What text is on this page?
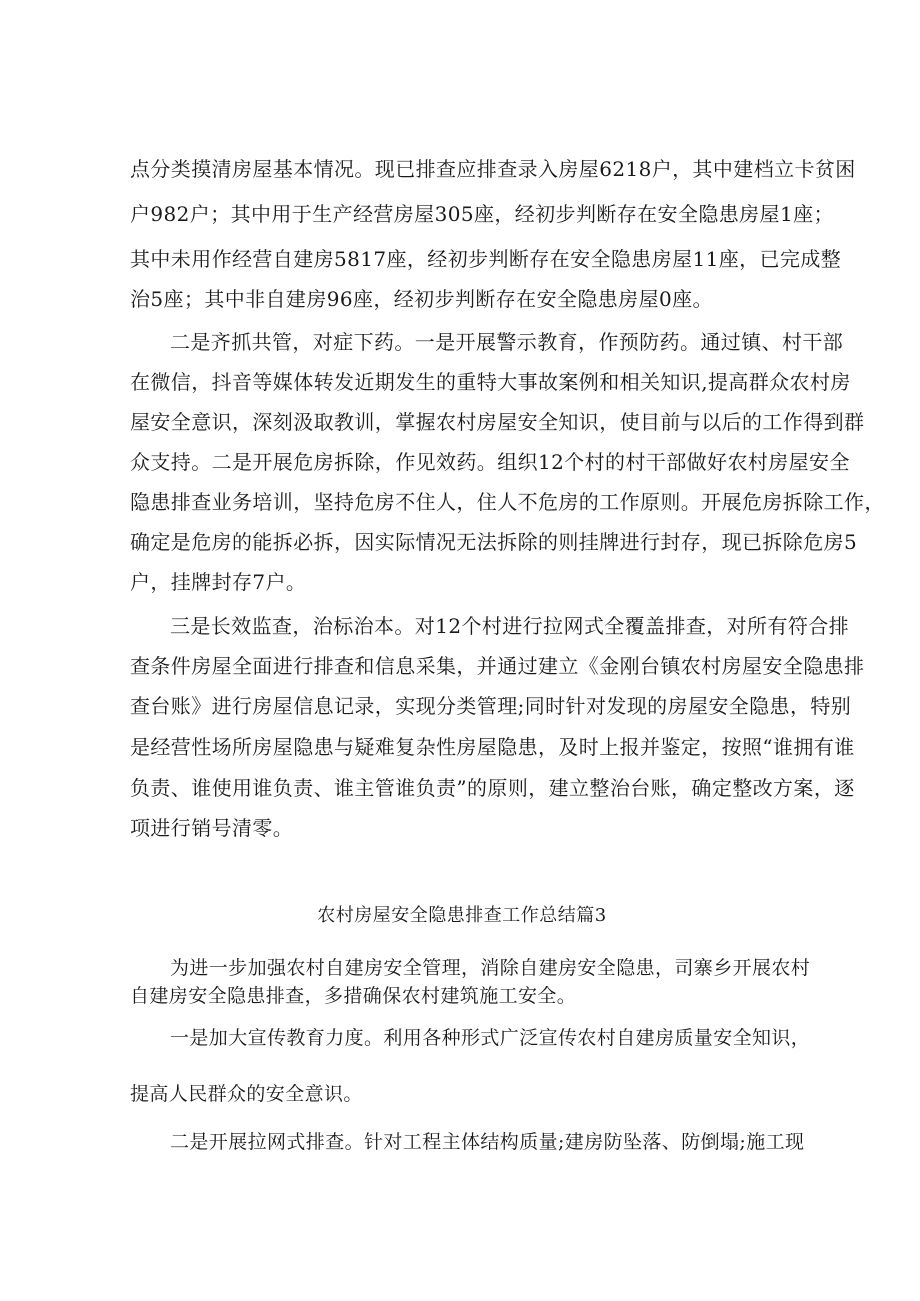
点分类摸清房屋基本情况。现已排查应排查录入房屋6218户，其中建档立卡贫困
户982户；其中用于生产经营房屋305座，经初步判断存在安全隐患房屋1座；
其中未用作经营自建房5817座，经初步判断存在安全隐患房屋11座，已完成整
治5座；其中非自建房96座，经初步判断存在安全隐患房屋0座。
二是齐抓共管，对症下药。一是开展警示教育，作预防药。通过镇、村干部
在微信，抖音等媒体转发近期发生的重特大事故案例和相关知识,提高群众农村房
屋安全意识，深刻汲取教训，掌握农村房屋安全知识，使目前与以后的工作得到群
众支持。二是开展危房拆除，作见效药。组织12个村的村干部做好农村房屋安全
隐患排查业务培训，坚持危房不住人，住人不危房的工作原则。开展危房拆除工作，
确定是危房的能拆必拆，因实际情况无法拆除的则挂牌进行封存，现已拆除危房5
户，挂牌封存7户。
三是长效监查，治标治本。对12个村进行拉网式全覆盖排查，对所有符合排
查条件房屋全面进行排查和信息采集，并通过建立《金刚台镇农村房屋安全隐患排
查台账》进行房屋信息记录，实现分类管理;同时针对发现的房屋安全隐患，特别
是经营性场所房屋隐患与疑难复杂性房屋隐患，及时上报并鉴定，按照“谁拥有谁
负责、谁使用谁负责、谁主管谁负责”的原则，建立整治台账，确定整改方案，逐
项进行销号清零。
农村房屋安全隐患排查工作总结篇3
为进一步加强农村自建房安全管理，消除自建房安全隐患，司寨乡开展农村
自建房安全隐患排查，多措确保农村建筑施工安全。
一是加大宣传教育力度。利用各种形式广泛宣传农村自建房质量安全知识，
提高人民群众的安全意识。
二是开展拉网式排查。针对工程主体结构质量;建房防坠落、防倒塌;施工现
